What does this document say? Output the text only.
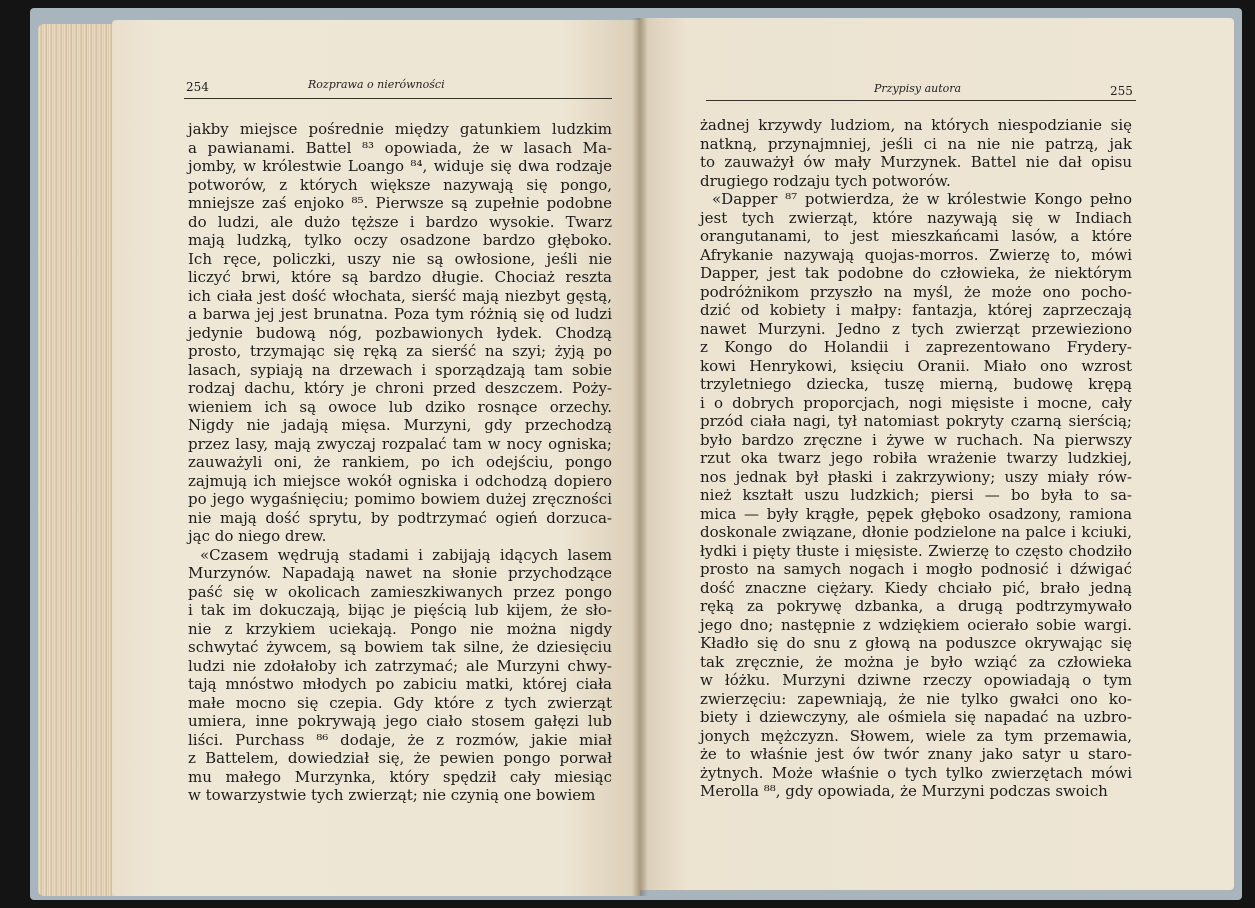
254	Rozprawa o nierówności
jakby miejsce pośrednie między gatunkiem ludzkim
a pawianami. Battel ⁸³ opowiada, że w lasach Ma-
jomby, w królestwie Loango ⁸⁴, widuje się dwa rodzaje
potworów, z których większe nazywają się pongo,
mniejsze zaś enjoko ⁸⁵. Pierwsze są zupełnie podobne
do ludzi, ale dużo tęższe i bardzo wysokie. Twarz
mają ludzką, tylko oczy osadzone bardzo głęboko.
Ich ręce, policzki, uszy nie są owłosione, jeśli nie
liczyć brwi, które są bardzo długie. Chociaż reszta
ich ciała jest dość włochata, sierść mają niezbyt gęstą,
a barwa jej jest brunatna. Poza tym różnią się od ludzi
jedynie budową nóg, pozbawionych łydek. Chodzą
prosto, trzymając się ręką za sierść na szyi; żyją po
lasach, sypiają na drzewach i sporządzają tam sobie
rodzaj dachu, który je chroni przed deszczem. Poży-
wieniem ich są owoce lub dziko rosnące orzechy.
Nigdy nie jadają mięsa. Murzyni, gdy przechodzą
przez lasy, mają zwyczaj rozpalać tam w nocy ogniska;
zauważyli oni, że rankiem, po ich odejściu, pongo
zajmują ich miejsce wokół ogniska i odchodzą dopiero
po jego wygaśnięciu; pomimo bowiem dużej zręczności
nie mają dość sprytu, by podtrzymać ogień dorzuca-
jąc do niego drew.
«Czasem wędrują stadami i zabijają idących lasem
Murzynów. Napadają nawet na słonie przychodzące
paść się w okolicach zamieszkiwanych przez pongo
i tak im dokuczają, bijąc je pięścią lub kijem, że sło-
nie z krzykiem uciekają. Pongo nie można nigdy
schwytać żywcem, są bowiem tak silne, że dziesięciu
ludzi nie zdołałoby ich zatrzymać; ale Murzyni chwy-
tają mnóstwo młodych po zabiciu matki, której ciała
małe mocno się czepia. Gdy które z tych zwierząt
umiera, inne pokrywają jego ciało stosem gałęzi lub
liści. Purchass ⁸⁶ dodaje, że z rozmów, jakie miał
z Battelem, dowiedział się, że pewien pongo porwał
mu małego Murzynka, który spędził cały miesiąc
w towarzystwie tych zwierząt; nie czynią one bowiem
Przypisy autora	255
żadnej krzywdy ludziom, na których niespodzianie się
natkną, przynajmniej, jeśli ci na nie nie patrzą, jak
to zauważył ów mały Murzynek. Battel nie dał opisu
drugiego rodzaju tych potworów.
«Dapper ⁸⁷ potwierdza, że w królestwie Kongo pełno
jest tych zwierząt, które nazywają się w Indiach
orangutanami, to jest mieszkańcami lasów, a które
Afrykanie nazywają quojas-morros. Zwierzę to, mówi
Dapper, jest tak podobne do człowieka, że niektórym
podróżnikom przyszło na myśl, że może ono pocho-
dzić od kobiety i małpy: fantazja, której zaprzeczają
nawet Murzyni. Jedno z tych zwierząt przewieziono
z Kongo do Holandii i zaprezentowano Frydery-
kowi Henrykowi, księciu Oranii. Miało ono wzrost
trzyletniego dziecka, tuszę mierną, budowę krępą
i o dobrych proporcjach, nogi mięsiste i mocne, cały
przód ciała nagi, tył natomiast pokryty czarną sierścią;
było bardzo zręczne i żywe w ruchach. Na pierwszy
rzut oka twarz jego robiła wrażenie twarzy ludzkiej,
nos jednak był płaski i zakrzywiony; uszy miały rów-
nież kształt uszu ludzkich; piersi — bo była to sa-
mica — były krągłe, pępek głęboko osadzony, ramiona
doskonale związane, dłonie podzielone na palce i kciuki,
łydki i pięty tłuste i mięsiste. Zwierzę to często chodziło
prosto na samych nogach i mogło podnosić i dźwigać
dość znaczne ciężary. Kiedy chciało pić, brało jedną
ręką za pokrywę dzbanka, a drugą podtrzymywało
jego dno; następnie z wdziękiem ocierało sobie wargi.
Kładło się do snu z głową na poduszce okrywając się
tak zręcznie, że można je było wziąć za człowieka
w łóżku. Murzyni dziwne rzeczy opowiadają o tym
zwierzęciu: zapewniają, że nie tylko gwałci ono ko-
biety i dziewczyny, ale ośmiela się napadać na uzbro-
jonych mężczyzn. Słowem, wiele za tym przemawia,
że to właśnie jest ów twór znany jako satyr u staro-
żytnych. Może właśnie o tych tylko zwierzętach mówi
Merolla ⁸⁸, gdy opowiada, że Murzyni podczas swoich
